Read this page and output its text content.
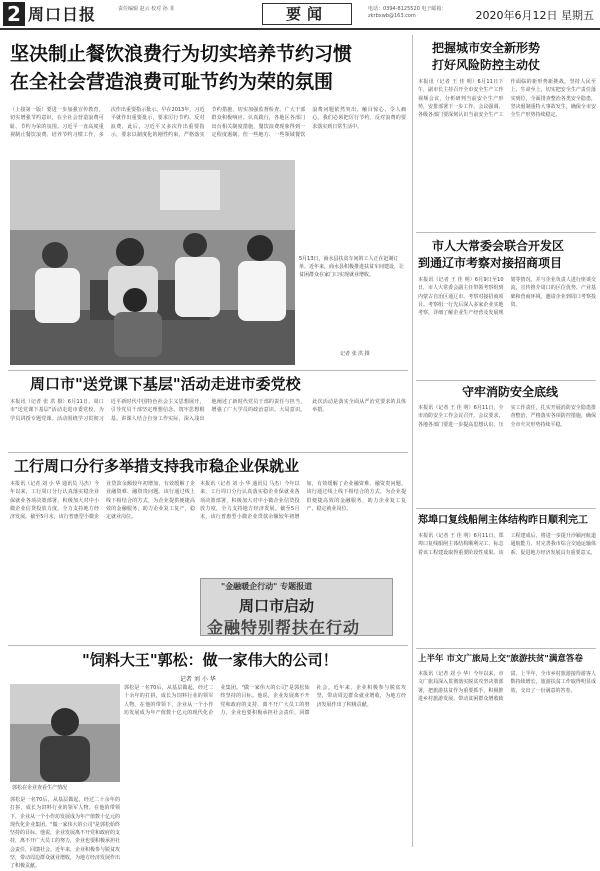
2 周口日报	责任编辑 赵云 校对 孙 菲	要闻	电话：0394-8125520 电子邮箱：zkrbxwb@163.com	2020年6月12日 星期五
坚决制止餐饮浪费行为切实培养节约习惯
在全社会营造浪费可耻节约为荣的氛围
（上接第一版）要进一步加强宣传教育，切实增强节约意识，在全社会营造浪费可耻、节约为荣的氛围。习近平一直高度重视制止餐饮浪费、培养节约习惯工作，多次作出重要指示批示。早在2013年，习近平就作出重要批示，要求厉行节约、反对浪费，此后，习近平又多次作出重要指示，要求以制度化的刚性约束，严格落实节约措施，切实加强监督检查。广大干部群众积极响应、认真践行，各地区各部门出台相关制度措施，餐饮浪费现象得到一定程度遏制。但一些地方、一些领域餐饮浪费问题依然突出，触目惊心、令人痛心。我们必须把厉行节约、反对浪费的要求落实到日常生活中。
5月13日，商水县扶贫车间的工人正在赶制订单。近年来，商水县积极推进扶贫车间建设，让贫困群众在家门口实现就业增收。
记者 张 洪 摄
周口市"送党课下基层"活动走进市委党校
本报讯（记者 张 洪 摄）6月11日，周口市"送党课下基层"活动走进市委党校，为学员讲授专题党课。活动围绕学习贯彻习近平新时代中国特色社会主义思想展开，引导党员干部坚定理想信念，筑牢思想根基。讲课人结合自身工作实际，深入浅出地阐述了新时代党员干部的责任与担当，增强了广大学员的政治意识、大局意识。此次活动是落实全面从严治党要求的具体举措。
工行周口分行多举措支持我市稳企业保就业
本报讯（记者 刘 小 华 通讯员 马杰）今年以来，工行周口分行认真落实稳企业保就业各项决策部署，积极加大对中小微企业信贷投放力度，全力支持地方经济发展。截至5月末，该行普惠型小微企业贷款余额较年初增加，有效缓解了企业融资难、融资贵问题。该行通过线上线下相结合的方式，为企业提供便捷高效的金融服务，助力企业复工复产，稳定就业岗位。
本报讯（记者 刘 小 华 通讯员 马杰）今年以来，工行周口分行认真落实稳企业保就业各项决策部署，积极加大对中小微企业信贷投放力度，全力支持地方经济发展。截至5月末，该行普惠型小微企业贷款余额较年初增加，有效缓解了企业融资难、融资贵问题。该行通过线上线下相结合的方式，为企业提供便捷高效的金融服务，助力企业复工复产，稳定就业岗位。
"金融暖企行动" 专题报道
周口市启动
金融特别帮扶在行动
"饲料大王"郭松：做一家伟大的公司！
记者 刘 小 华
郭松在企业查看生产情况
郭松是一名70后，从基层做起，经过二十余年的打拼，成长为饲料行业的领军人物。在他的带领下，企业从一个小作坊发展成为年产值数十亿元的现代化企业集团。"做一家伟大的公司"是郭松始终坚持的目标。他说，企业发展离不开党和政府的支持，离不开广大员工的努力，企业也要积极承担社会责任，回馈社会。近年来，企业积极参与脱贫攻坚，带动周边群众就业增收，为地方经济发展作出了积极贡献。
郭松是一名70后，从基层做起，经过二十余年的打拼，成长为饲料行业的领军人物。在他的带领下，企业从一个小作坊发展成为年产值数十亿元的现代化企业集团。"做一家伟大的公司"是郭松始终坚持的目标。他说，企业发展离不开党和政府的支持，离不开广大员工的努力，企业也要积极承担社会责任，回馈社会。近年来，企业积极参与脱贫攻坚，带动周边群众就业增收，为地方经济发展作出了积极贡献。
把握城市安全新形势
打好风险防控主动仗
本报讯（记者 王 佳 明）6月11日下午，副市长主持召开全市安全生产工作视频会议，分析研判当前安全生产形势，安排部署下一步工作。会议强调，各级各部门要深刻认识当前安全生产工作面临的新形势新挑战，坚持人民至上、生命至上，切实把安全生产责任落实到位，全面排查整治各类安全隐患，坚决遏制重特大事故发生，确保全市安全生产形势持续稳定。
市人大常委会联合开发区
到通辽市考察对接招商项目
本报讯（记者 王 佳 明）6月9日至10日，市人大常委会副主任带领考察组到内蒙古自治区通辽市，考察对接招商项目。考察组一行先后深入多家企业实地考察，详细了解企业生产经营及发展规划等情况，并与企业负责人进行座谈交流，宣传推介周口的区位优势、产业基础和营商环境，邀请企业到周口考察投资。
守牢消防安全底线
本报讯（记者 王 佳 明）6月11日，全市消防安全工作会议召开。会议要求，各地各部门要进一步提高思想认识，压实工作责任，扎实开展消防安全隐患排查整治，严格落实各项防控措施，确保全市火灾形势持续平稳。
郑埠口复线船闸主体结构昨日顺利完工
本报讯（记者 王 佳 明）6月11日，郑埠口复线船闸主体结构顺利完工，标志着该工程建设取得重要阶段性成果。该工程建成后，将进一步提升沙颍河航道通航能力，对完善我市综合交通运输体系、促进地方经济发展具有重要意义。
上半年 市文广旅局上交"旅游扶贫"满意答卷
本报讯（记者 刘 小 华）今年以来，市文广旅局深入贯彻落实脱贫攻坚决策部署，把旅游扶贫作为重要抓手，积极推进乡村旅游发展，带动贫困群众增收致富。上半年，全市乡村旅游接待游客人数持续增长，旅游扶贫工作取得明显成效，交出了一份满意的答卷。
